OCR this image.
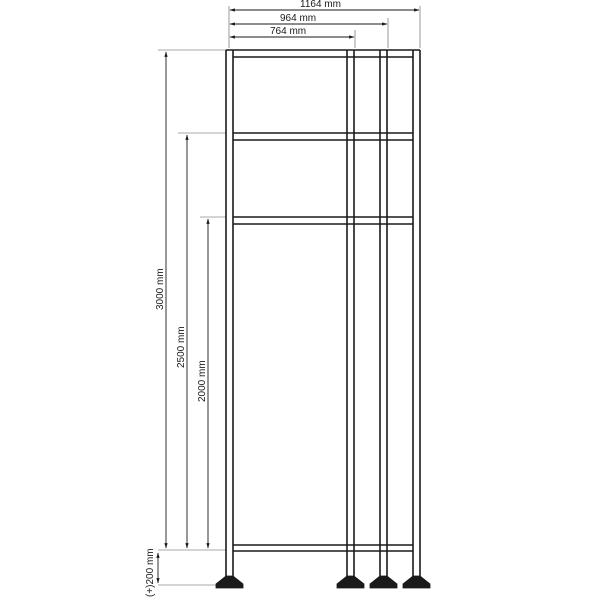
1164 mm
964 mm
764 mm
3000 mm
2500 mm
2000 mm
(+)200 mm
